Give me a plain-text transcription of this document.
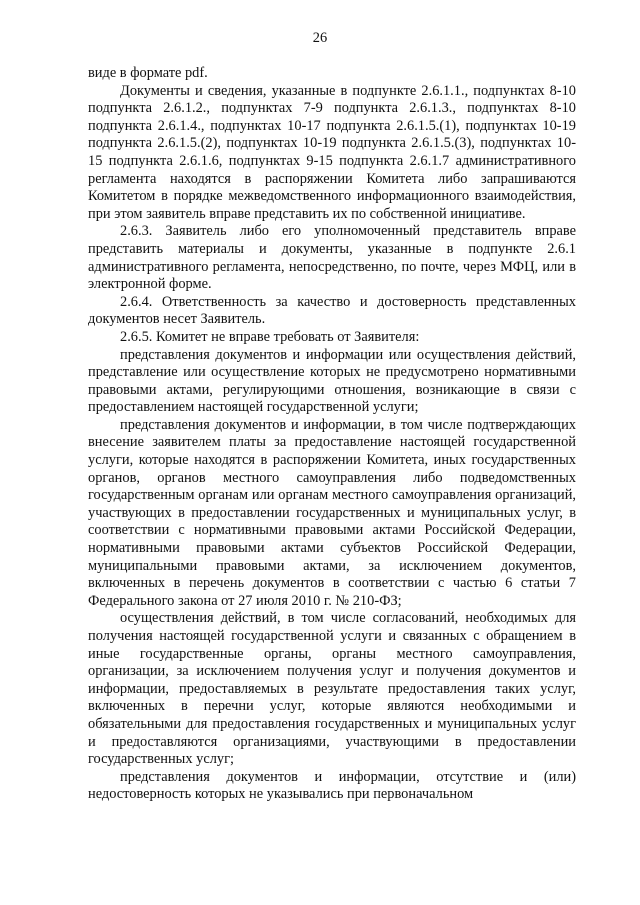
26

виде в формате pdf.

Документы и сведения, указанные в подпункте 2.6.1.1., подпунктах 8-10 подпункта 2.6.1.2., подпунктах 7-9 подпункта 2.6.1.3., подпунктах 8-10 подпункта 2.6.1.4., подпунктах 10-17 подпункта 2.6.1.5.(1), подпунктах 10-19 подпункта 2.6.1.5.(2), подпунктах 10-19 подпункта 2.6.1.5.(3), подпунктах 10-15 подпункта 2.6.1.6, подпунктах 9-15 подпункта 2.6.1.7 административного регламента находятся в распоряжении Комитета либо запрашиваются Комитетом в порядке межведомственного информационного взаимодействия, при этом заявитель вправе представить их по собственной инициативе.

2.6.3. Заявитель либо его уполномоченный представитель вправе представить материалы и документы, указанные в подпункте 2.6.1 административного регламента, непосредственно, по почте, через МФЦ, или в электронной форме.

2.6.4. Ответственность за качество и достоверность представленных документов несет Заявитель.

2.6.5. Комитет не вправе требовать от Заявителя:

представления документов и информации или осуществления действий, представление или осуществление которых не предусмотрено нормативными правовыми актами, регулирующими отношения, возникающие в связи с предоставлением настоящей государственной услуги;

представления документов и информации, в том числе подтверждающих внесение заявителем платы за предоставление настоящей государственной услуги, которые находятся в распоряжении Комитета, иных государственных органов, органов местного самоуправления либо подведомственных государственным органам или органам местного самоуправления организаций, участвующих в предоставлении государственных и муниципальных услуг, в соответствии с нормативными правовыми актами Российской Федерации, нормативными правовыми актами субъектов Российской Федерации, муниципальными правовыми актами, за исключением документов, включенных в перечень документов в соответствии с частью 6 статьи 7 Федерального закона от 27 июля 2010 г. № 210-ФЗ;

осуществления действий, в том числе согласований, необходимых для получения настоящей государственной услуги и связанных с обращением в иные государственные органы, органы местного самоуправления, организации, за исключением получения услуг и получения документов и информации, предоставляемых в результате предоставления таких услуг, включенных в перечни услуг, которые являются необходимыми и обязательными для предоставления государственных и муниципальных услуг и предоставляются организациями, участвующими в предоставлении государственных услуг;

представления документов и информации, отсутствие и (или) недостоверность которых не указывались при первоначальном
